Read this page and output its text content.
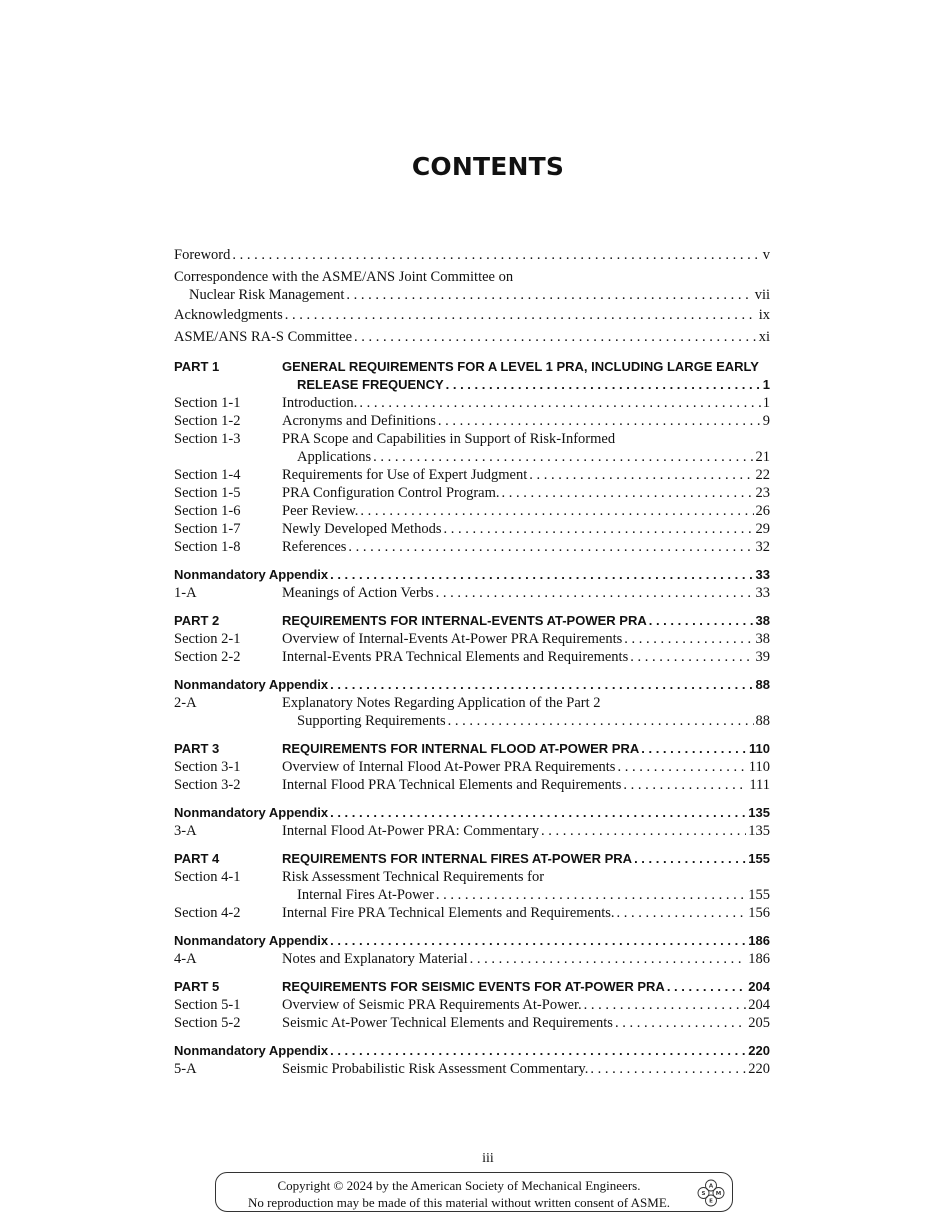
CONTENTS
Foreword . . .	v
Correspondence with the ASME/ANS Joint Committee on
Nuclear Risk Management . . .	vii
Acknowledgments . . .	ix
ASME/ANS RA-S Committee . . .	xi
PART 1	GENERAL REQUIREMENTS FOR A LEVEL 1 PRA, INCLUDING LARGE EARLY
RELEASE FREQUENCY . . .	1
Section 1-1	Introduction. . . .	1
Section 1-2	Acronyms and Definitions . . .	9
Section 1-3	PRA Scope and Capabilities in Support of Risk-Informed
Applications . . .	21
Section 1-4	Requirements for Use of Expert Judgment . . .	22
Section 1-5	PRA Configuration Control Program. . . .	23
Section 1-6	Peer Review. . . .	26
Section 1-7	Newly Developed Methods . . .	29
Section 1-8	References . . .	32
Nonmandatory Appendix . . .	33
1-A	Meanings of Action Verbs . . .	33
PART 2	REQUIREMENTS FOR INTERNAL-EVENTS AT-POWER PRA . . .	38
Section 2-1	Overview of Internal-Events At-Power PRA Requirements . . .	38
Section 2-2	Internal-Events PRA Technical Elements and Requirements . . .	39
Nonmandatory Appendix . . .	88
2-A	Explanatory Notes Regarding Application of the Part 2
Supporting Requirements . . .	88
PART 3	REQUIREMENTS FOR INTERNAL FLOOD AT-POWER PRA . . .	110
Section 3-1	Overview of Internal Flood At-Power PRA Requirements . . .	110
Section 3-2	Internal Flood PRA Technical Elements and Requirements . . .	111
Nonmandatory Appendix . . .	135
3-A	Internal Flood At-Power PRA: Commentary . . .	135
PART 4	REQUIREMENTS FOR INTERNAL FIRES AT-POWER PRA . . .	155
Section 4-1	Risk Assessment Technical Requirements for
Internal Fires At-Power . . .	155
Section 4-2	Internal Fire PRA Technical Elements and Requirements. . . .	156
Nonmandatory Appendix . . .	186
4-A	Notes and Explanatory Material . . .	186
PART 5	REQUIREMENTS FOR SEISMIC EVENTS FOR AT-POWER PRA . . .	204
Section 5-1	Overview of Seismic PRA Requirements At-Power. . . .	204
Section 5-2	Seismic At-Power Technical Elements and Requirements . . .	205
Nonmandatory Appendix . . .	220
5-A	Seismic Probabilistic Risk Assessment Commentary. . . .	220
iii
Copyright © 2024 by the American Society of Mechanical Engineers.
No reproduction may be made of this material without written consent of ASME.
A
S M
E
